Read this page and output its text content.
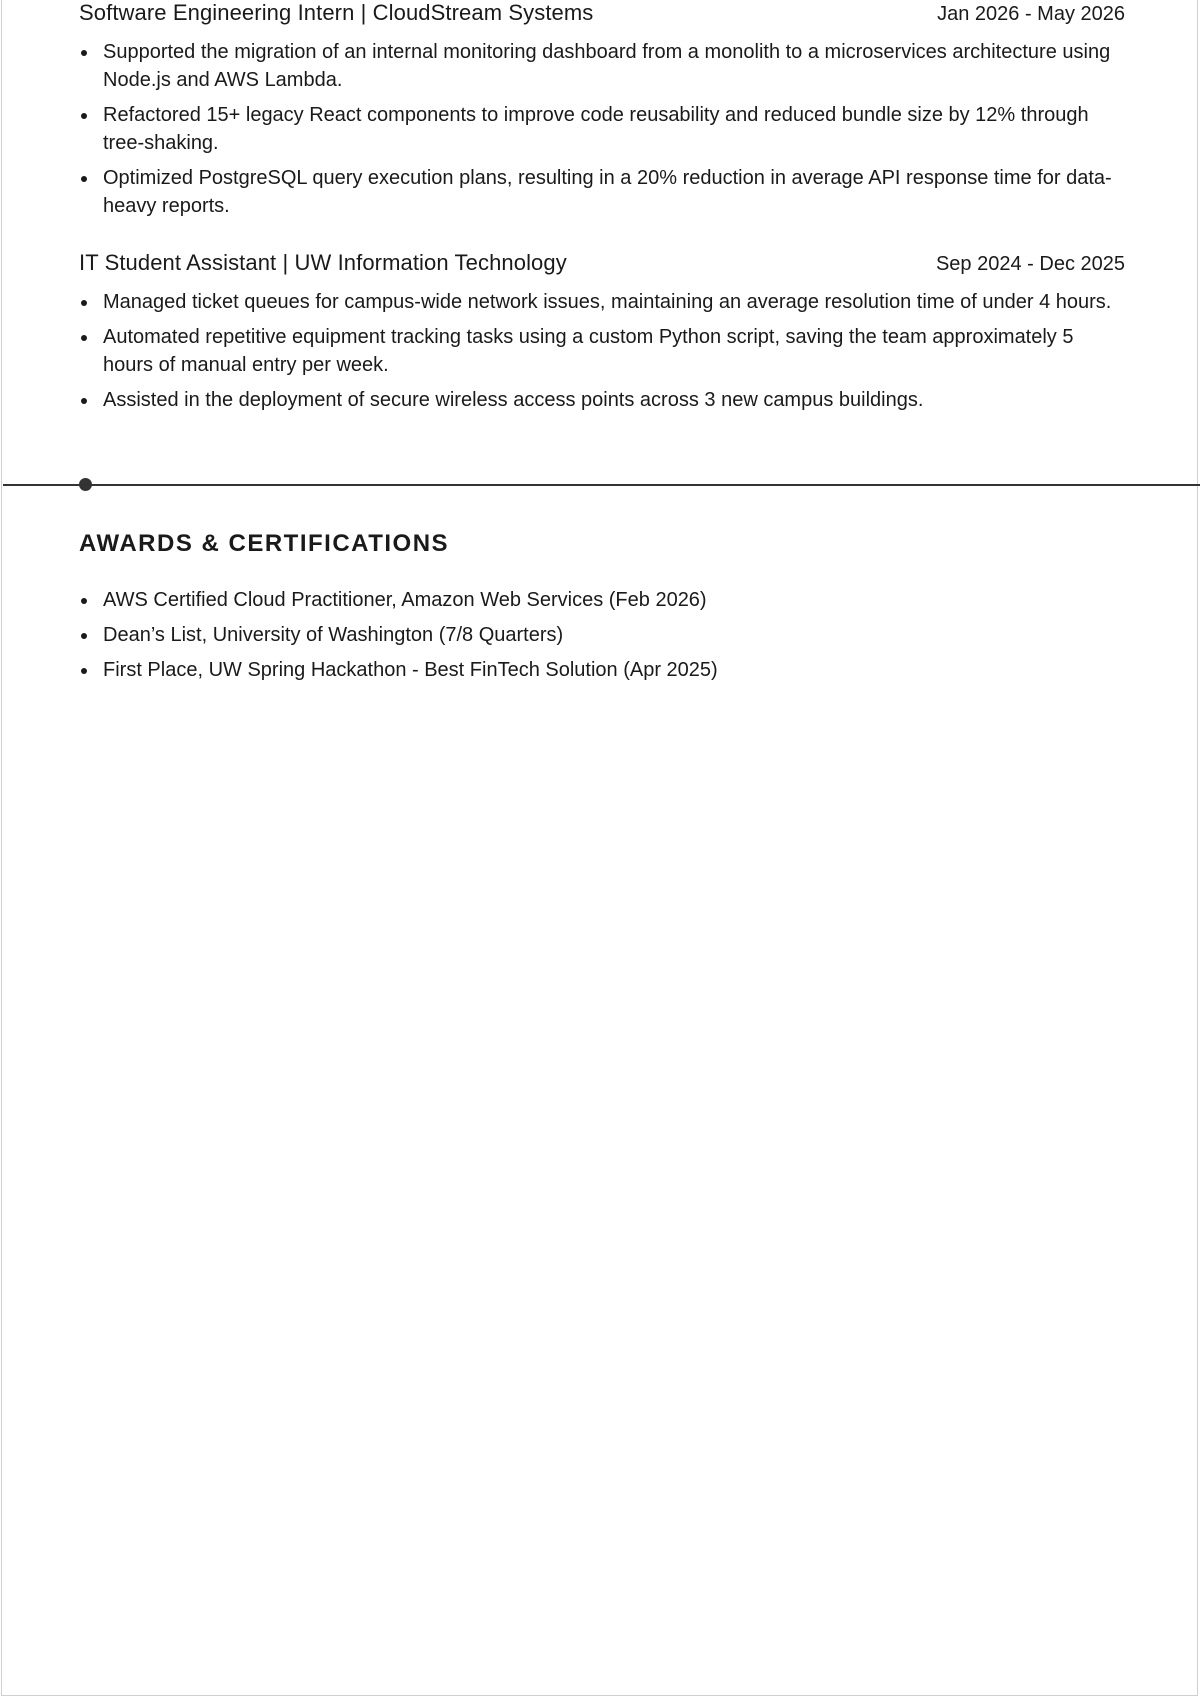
Software Engineering Intern | CloudStream Systems	Jan 2026 - May 2026
Supported the migration of an internal monitoring dashboard from a monolith to a microservices architecture using Node.js and AWS Lambda.
Refactored 15+ legacy React components to improve code reusability and reduced bundle size by 12% through tree-shaking.
Optimized PostgreSQL query execution plans, resulting in a 20% reduction in average API response time for data-heavy reports.
IT Student Assistant | UW Information Technology	Sep 2024 - Dec 2025
Managed ticket queues for campus-wide network issues, maintaining an average resolution time of under 4 hours.
Automated repetitive equipment tracking tasks using a custom Python script, saving the team approximately 5 hours of manual entry per week.
Assisted in the deployment of secure wireless access points across 3 new campus buildings.
AWARDS & CERTIFICATIONS
AWS Certified Cloud Practitioner, Amazon Web Services (Feb 2026)
Dean’s List, University of Washington (7/8 Quarters)
First Place, UW Spring Hackathon - Best FinTech Solution (Apr 2025)
